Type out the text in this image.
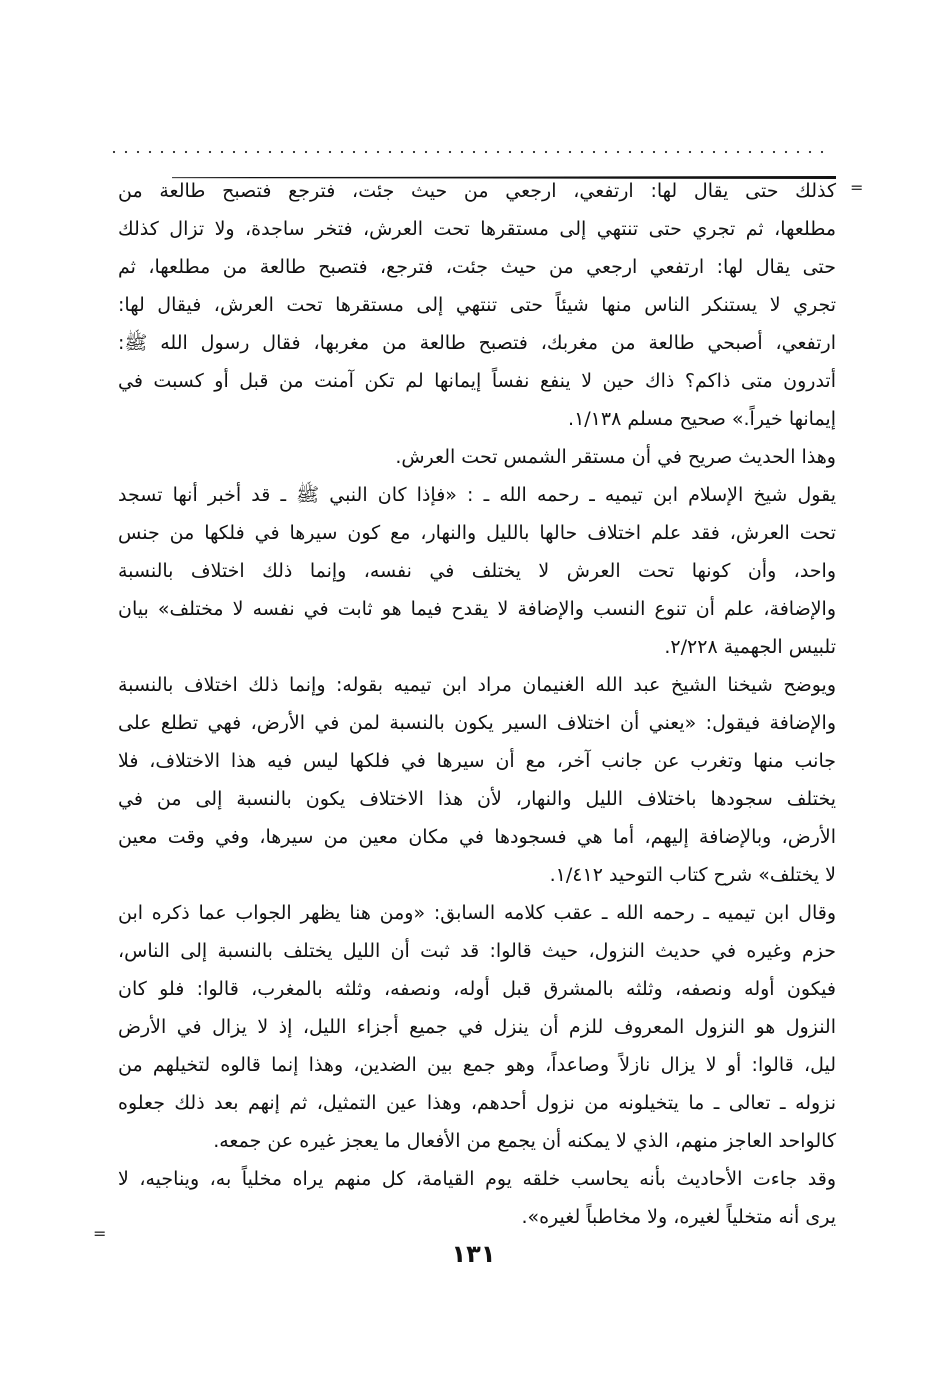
=
كذلك حتى يقال لها: ارتفعي، ارجعي من حيث جئت، فترجع فتصبح طالعة من
مطلعها، ثم تجري حتى تنتهي إلى مستقرها تحت العرش، فتخر ساجدة، ولا تزال كذلك
حتى يقال لها: ارتفعي ارجعي من حيث جئت، فترجع، فتصبح طالعة من مطلعها، ثم
تجري لا يستنكر الناس منها شيئاً حتى تنتهي إلى مستقرها تحت العرش، فيقال لها:
ارتفعي، أصبحي طالعة من مغربك، فتصبح طالعة من مغربها، فقال رسول الله ﷺ:
أتدرون متى ذاكم؟ ذاك حين لا ينفع نفساً إيمانها لم تكن آمنت من قبل أو كسبت في
إيمانها خيراً.» صحيح مسلم ١/١٣٨.
وهذا الحديث صريح في أن مستقر الشمس تحت العرش.
يقول شيخ الإسلام ابن تيميه ـ رحمه الله ـ : «فإذا كان النبي ﷺ ـ قد أخبر أنها تسجد
تحت العرش، فقد علم اختلاف حالها بالليل والنهار، مع كون سيرها في فلكها من جنس
واحد، وأن كونها تحت العرش لا يختلف في نفسه، وإنما ذلك اختلاف بالنسبة
والإضافة، علم أن تنوع النسب والإضافة لا يقدح فيما هو ثابت في نفسه لا مختلف» بيان
تلبيس الجهمية ٢/٢٢٨.
ويوضح شيخنا الشيخ عبد الله الغنيمان مراد ابن تيميه بقوله: وإنما ذلك اختلاف بالنسبة
والإضافة فيقول: «يعني أن اختلاف السير يكون بالنسبة لمن في الأرض، فهي تطلع على
جانب منها وتغرب عن جانب آخر، مع أن سيرها في فلكها ليس فيه هذا الاختلاف، فلا
يختلف سجودها باختلاف الليل والنهار، لأن هذا الاختلاف يكون بالنسبة إلى من في
الأرض، وبالإضافة إليهم، أما هي فسجودها في مكان معين من سيرها، وفي وقت معين
لا يختلف» شرح كتاب التوحيد ١/٤١٢.
وقال ابن تيميه ـ رحمه الله ـ عقب كلامه السابق: «ومن هنا يظهر الجواب عما ذكره ابن
حزم وغيره في حديث النزول، حيث قالوا: قد ثبت أن الليل يختلف بالنسبة إلى الناس،
فيكون أوله ونصفه، وثلثه بالمشرق قبل أوله، ونصفه، وثلثه بالمغرب، قالوا: فلو كان
النزول هو النزول المعروف للزم أن ينزل في جميع أجزاء الليل، إذ لا يزال في الأرض
ليل، قالوا: أو لا يزال نازلاً وصاعداً، وهو جمع بين الضدين، وهذا إنما قالوه لتخيلهم من
نزوله ـ تعالى ـ ما يتخيلونه من نزول أحدهم، وهذا عين التمثيل، ثم إنهم بعد ذلك جعلوه
كالواحد العاجز منهم، الذي لا يمكنه أن يجمع من الأفعال ما يعجز غيره عن جمعه.
وقد جاءت الأحاديث بأنه يحاسب خلقه يوم القيامة، كل منهم يراه مخلياً به، ويناجيه، لا
يرى أنه متخلياً لغيره، ولا مخاطباً لغيره».
=
١٣١
